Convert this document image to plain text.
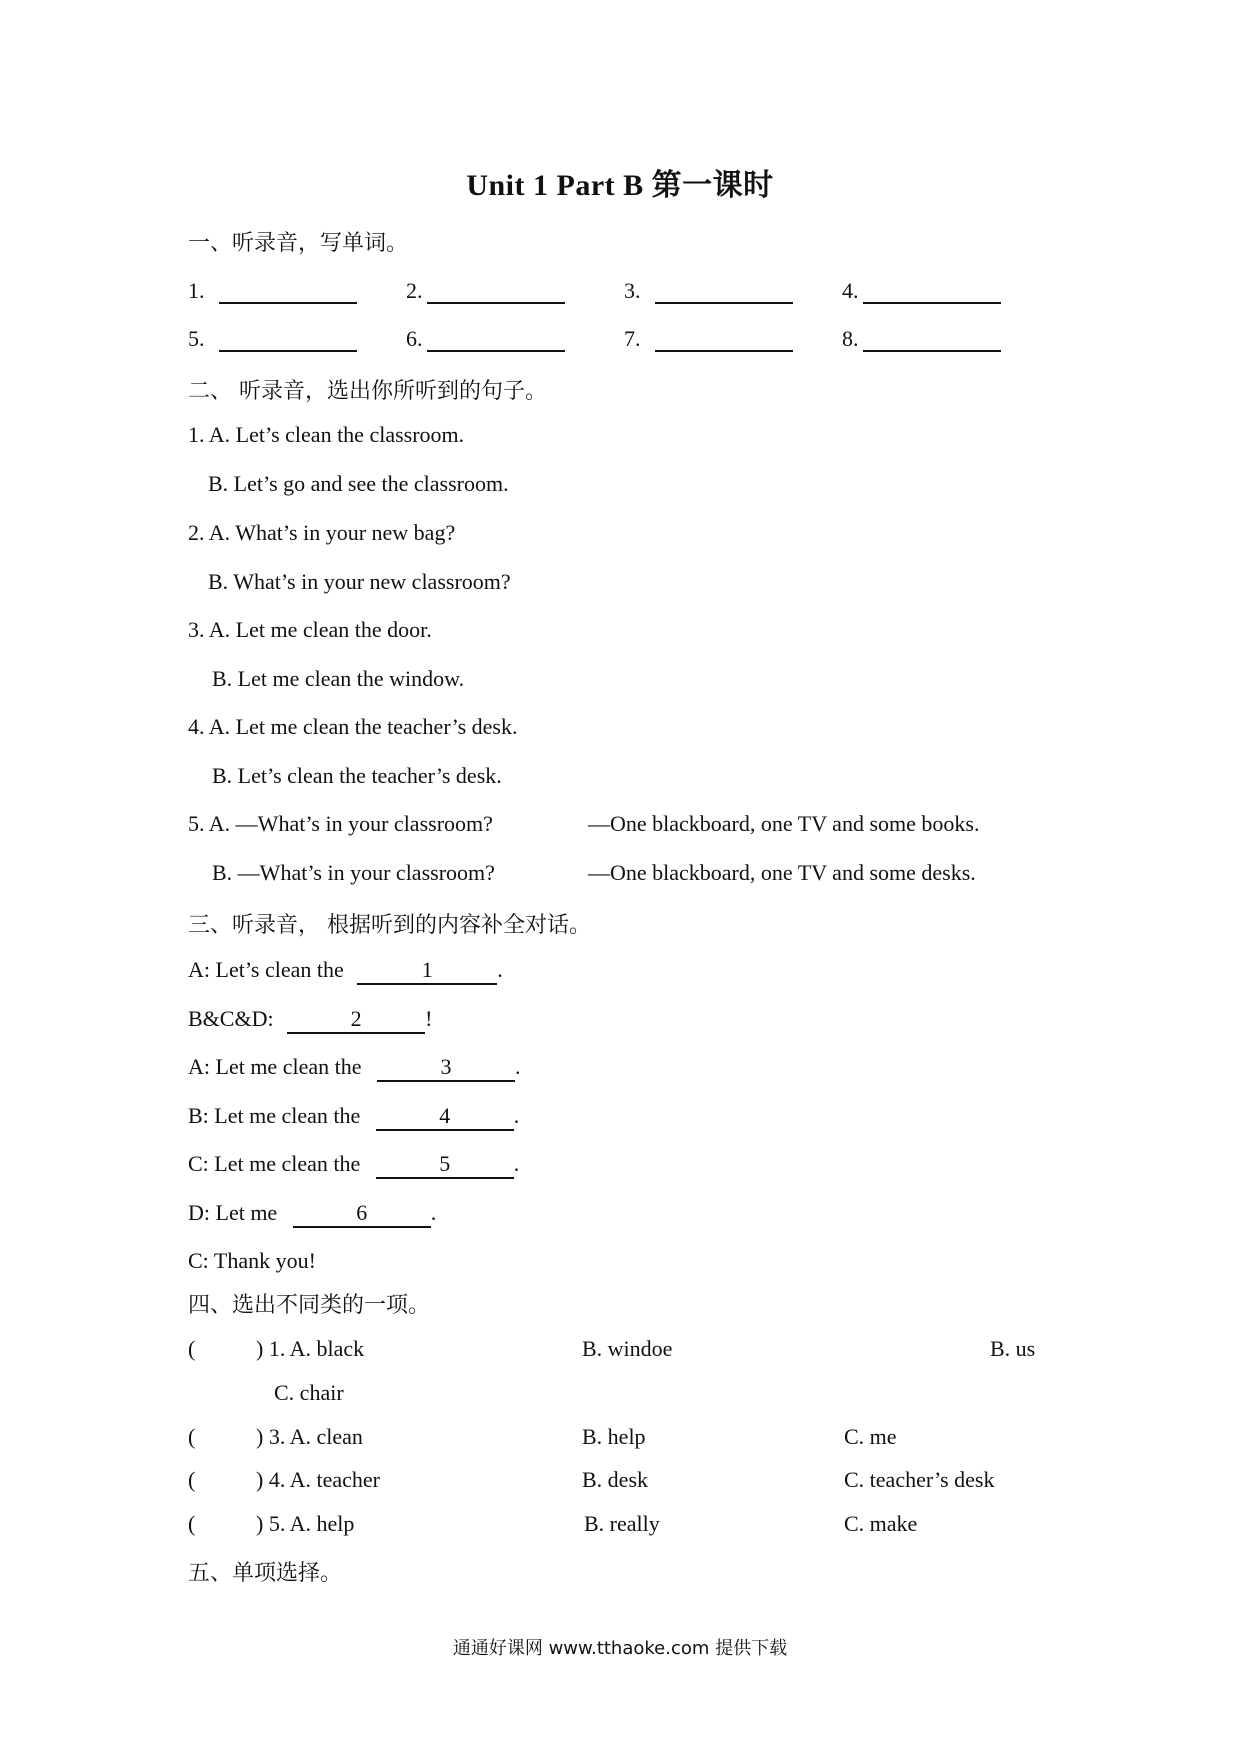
Unit 1 Part B 第一课时
一、听录音，写单词。
1.	2.	3.	4.
5.	6.	7.	8.
二、 听录音，选出你所听到的句子。
1. A. Let’s clean the classroom.
B. Let’s go and see the classroom.
2. A. What’s in your new bag?
B. What’s in your new classroom?
3. A. Let me clean the door.
B. Let me clean the window.
4. A. Let me clean the teacher’s desk.
B. Let’s clean the teacher’s desk.
5. A. —What’s in your classroom?	—One blackboard, one TV and some books.
B. —What’s in your classroom?	—One blackboard, one TV and some desks.
三、听录音， 根据听到的内容补全对话。
A: Let’s clean the	1	.
B&C&D:	2	!
A: Let me clean the	3	.
B: Let me clean the	4	.
C: Let me clean the	5	.
D: Let me	6	.
C: Thank you!
四、选出不同类的一项。
(	) 1. A. black	B. windoe	B. us
C. chair
(	) 3. A. clean	B. help	C. me
(	) 4. A. teacher	B. desk	C. teacher’s desk
(	) 5. A. help	B. really	C. make
五、单项选择。
通通好课网 www.tthaoke.com 提供下载
